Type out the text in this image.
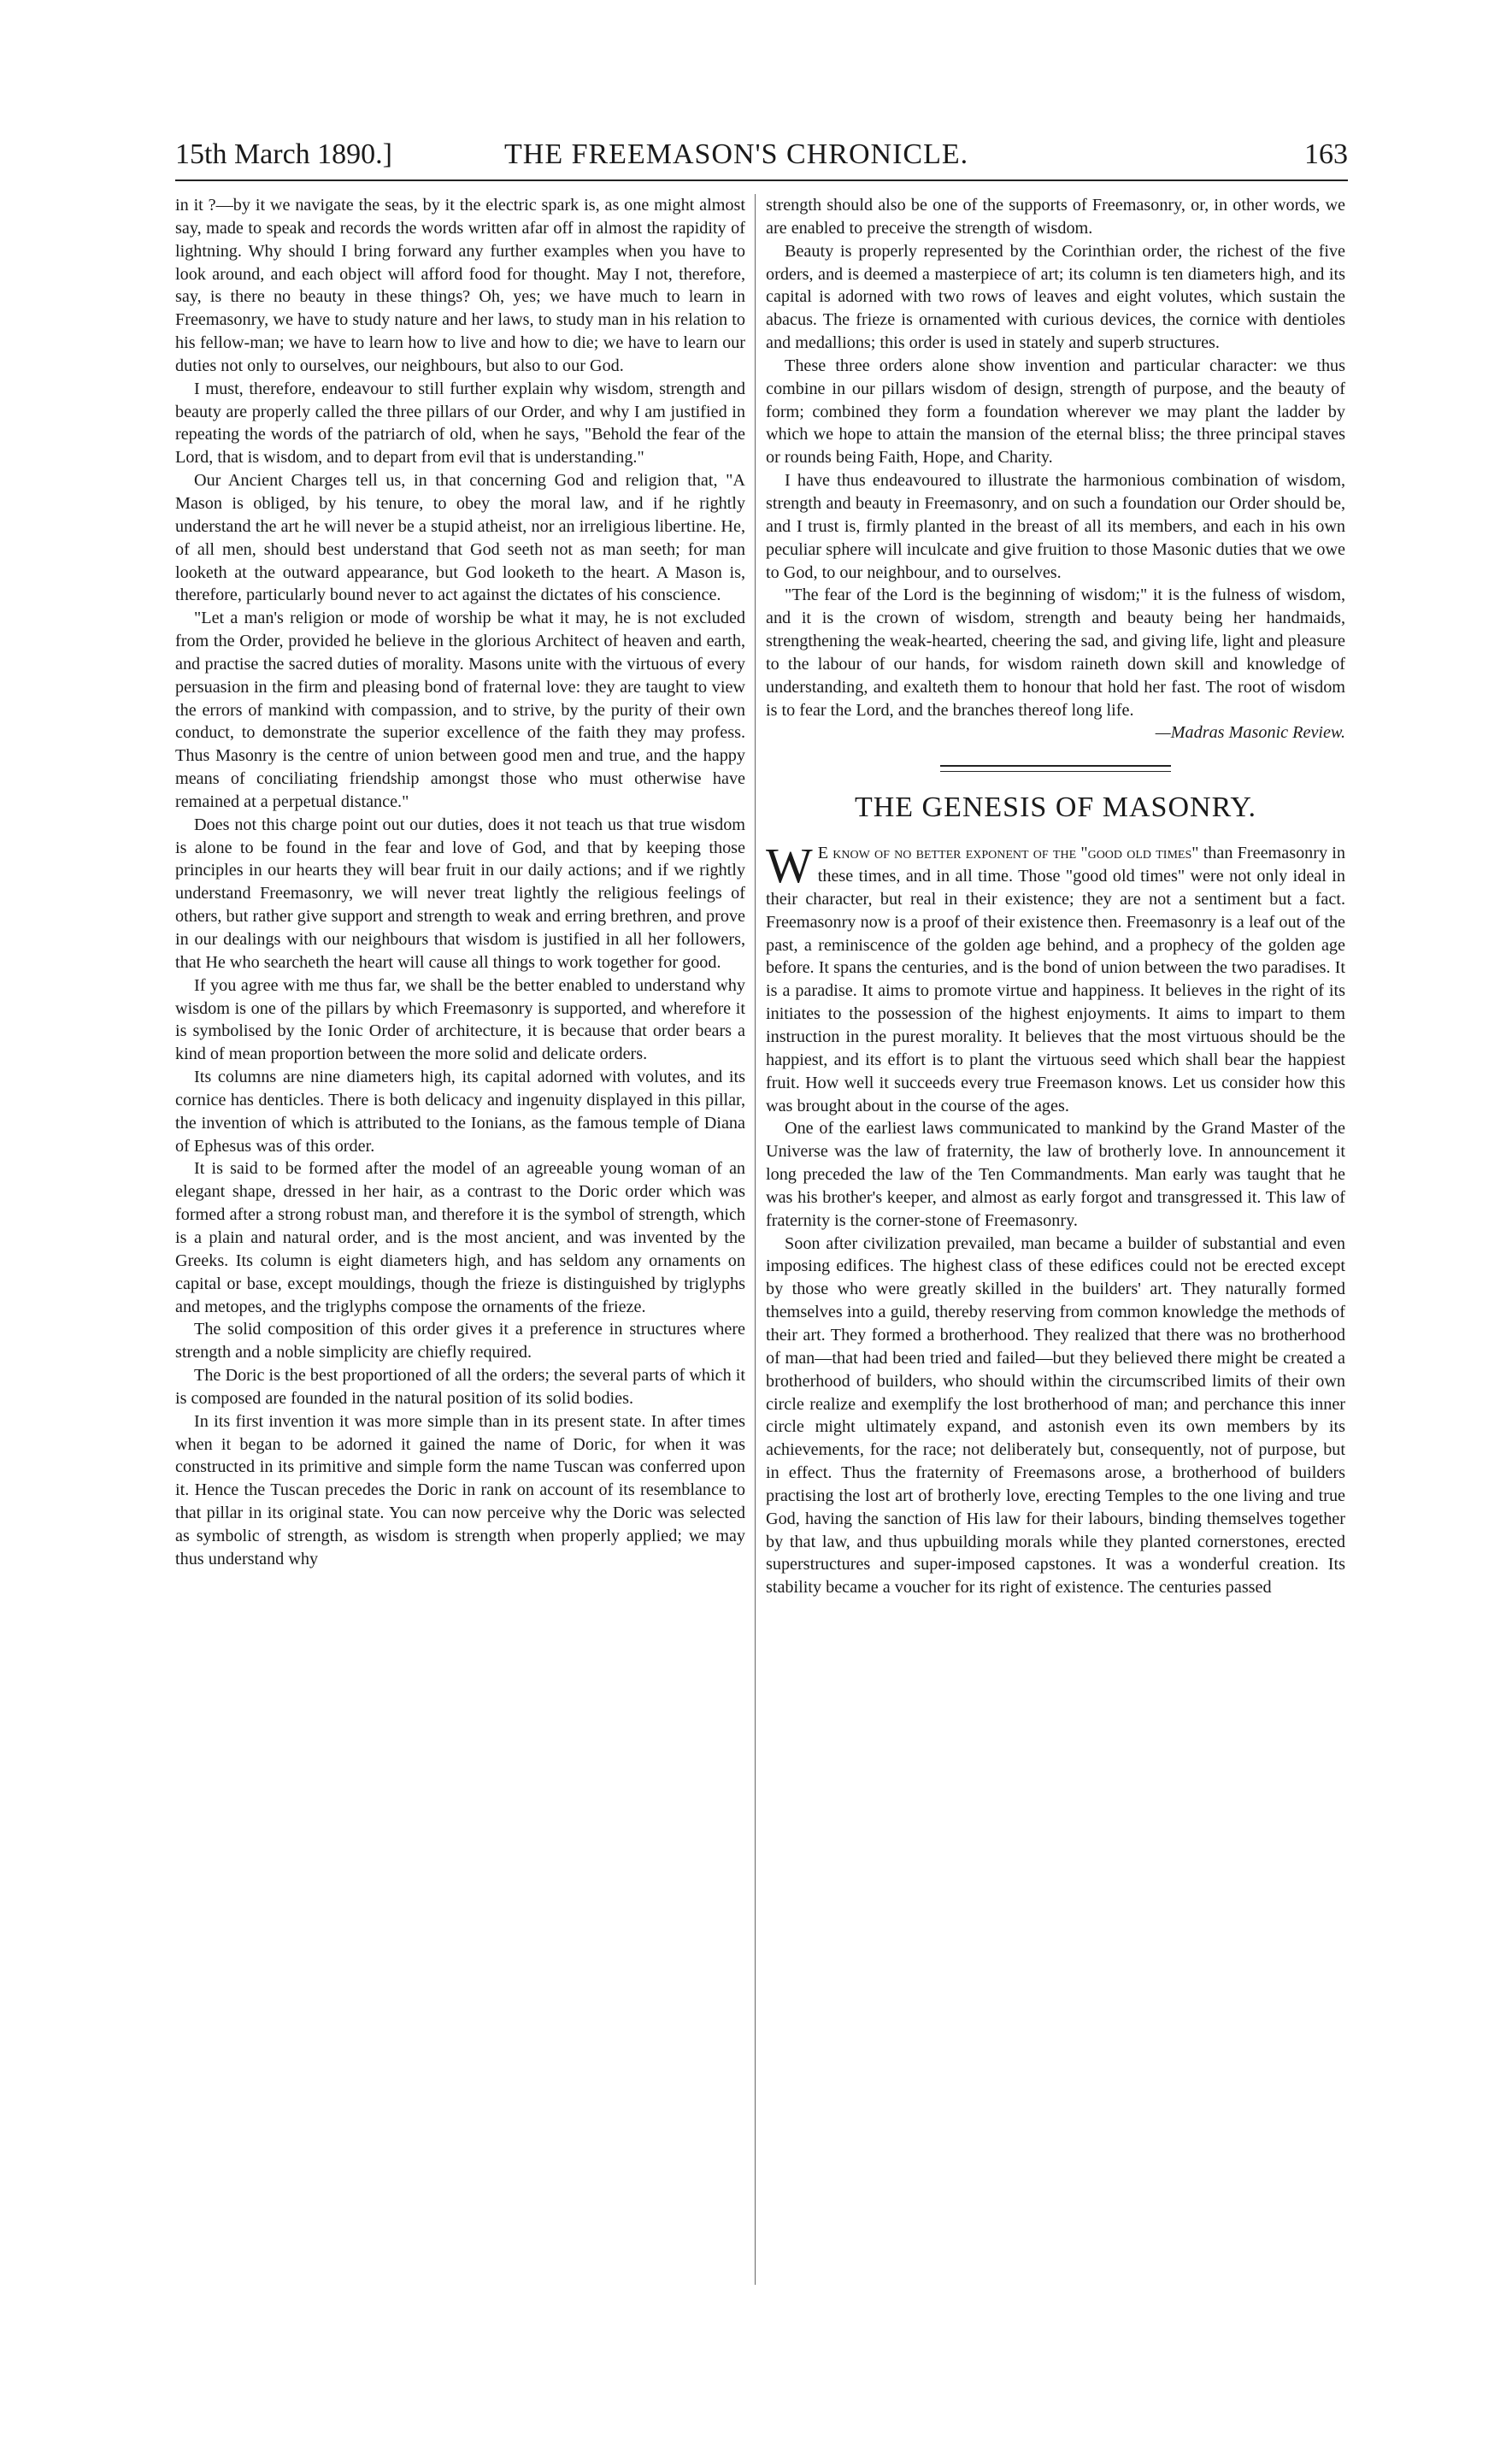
15th March 1890.]	THE FREEMASON'S CHRONICLE.	163

in it ?—by it we navigate the seas, by it the electric spark is, as one might almost say, made to speak and records the words written afar off in almost the rapidity of lightning. Why should I bring forward any further examples when you have to look around, and each object will afford food for thought. May I not, therefore, say, is there no beauty in these things? Oh, yes; we have much to learn in Freemasonry, we have to study nature and her laws, to study man in his relation to his fellow-man; we have to learn how to live and how to die; we have to learn our duties not only to ourselves, our neighbours, but also to our God.

I must, therefore, endeavour to still further explain why wisdom, strength and beauty are properly called the three pillars of our Order, and why I am justified in repeating the words of the patriarch of old, when he says, "Behold the fear of the Lord, that is wisdom, and to depart from evil that is understanding."

Our Ancient Charges tell us, in that concerning God and religion that, "A Mason is obliged, by his tenure, to obey the moral law, and if he rightly understand the art he will never be a stupid atheist, nor an irreligious libertine. He, of all men, should best understand that God seeth not as man seeth; for man looketh at the outward appearance, but God looketh to the heart. A Mason is, therefore, particularly bound never to act against the dictates of his conscience.

"Let a man's religion or mode of worship be what it may, he is not excluded from the Order, provided he believe in the glorious Architect of heaven and earth, and practise the sacred duties of morality. Masons unite with the virtuous of every persuasion in the firm and pleasing bond of fraternal love: they are taught to view the errors of mankind with compassion, and to strive, by the purity of their own conduct, to demonstrate the superior excellence of the faith they may profess. Thus Masonry is the centre of union between good men and true, and the happy means of conciliating friendship amongst those who must otherwise have remained at a perpetual distance."

Does not this charge point out our duties, does it not teach us that true wisdom is alone to be found in the fear and love of God, and that by keeping those principles in our hearts they will bear fruit in our daily actions; and if we rightly understand Freemasonry, we will never treat lightly the religious feelings of others, but rather give support and strength to weak and erring brethren, and prove in our dealings with our neighbours that wisdom is justified in all her followers, that He who searcheth the heart will cause all things to work together for good.

If you agree with me thus far, we shall be the better enabled to understand why wisdom is one of the pillars by which Freemasonry is supported, and wherefore it is symbolised by the Ionic Order of architecture, it is because that order bears a kind of mean proportion between the more solid and delicate orders.

Its columns are nine diameters high, its capital adorned with volutes, and its cornice has denticles. There is both delicacy and ingenuity displayed in this pillar, the invention of which is attributed to the Ionians, as the famous temple of Diana of Ephesus was of this order.

It is said to be formed after the model of an agreeable young woman of an elegant shape, dressed in her hair, as a contrast to the Doric order which was formed after a strong robust man, and therefore it is the symbol of strength, which is a plain and natural order, and is the most ancient, and was invented by the Greeks. Its column is eight diameters high, and has seldom any ornaments on capital or base, except mouldings, though the frieze is distinguished by triglyphs and metopes, and the triglyphs compose the ornaments of the frieze.

The solid composition of this order gives it a preference in structures where strength and a noble simplicity are chiefly required.

The Doric is the best proportioned of all the orders; the several parts of which it is composed are founded in the natural position of its solid bodies.

In its first invention it was more simple than in its present state. In after times when it began to be adorned it gained the name of Doric, for when it was constructed in its primitive and simple form the name Tuscan was conferred upon it. Hence the Tuscan precedes the Doric in rank on account of its resemblance to that pillar in its original state. You can now perceive why the Doric was selected as symbolic of strength, as wisdom is strength when properly applied; we may thus understand why

strength should also be one of the supports of Freemasonry, or, in other words, we are enabled to preceive the strength of wisdom.

Beauty is properly represented by the Corinthian order, the richest of the five orders, and is deemed a masterpiece of art; its column is ten diameters high, and its capital is adorned with two rows of leaves and eight volutes, which sustain the abacus. The frieze is ornamented with curious devices, the cornice with dentioles and medallions; this order is used in stately and superb structures.

These three orders alone show invention and particular character: we thus combine in our pillars wisdom of design, strength of purpose, and the beauty of form; combined they form a foundation wherever we may plant the ladder by which we hope to attain the mansion of the eternal bliss; the three principal staves or rounds being Faith, Hope, and Charity.

I have thus endeavoured to illustrate the harmonious combination of wisdom, strength and beauty in Freemasonry, and on such a foundation our Order should be, and I trust is, firmly planted in the breast of all its members, and each in his own peculiar sphere will inculcate and give fruition to those Masonic duties that we owe to God, to our neighbour, and to ourselves.

"The fear of the Lord is the beginning of wisdom;" it is the fulness of wisdom, and it is the crown of wisdom, strength and beauty being her handmaids, strengthening the weak-hearted, cheering the sad, and giving life, light and pleasure to the labour of our hands, for wisdom raineth down skill and knowledge of understanding, and exalteth them to honour that hold her fast. The root of wisdom is to fear the Lord, and the branches thereof long life.

—Madras Masonic Review.

THE GENESIS OF MASONRY.

W E know of no better exponent of the "good old times" than Freemasonry in these times, and in all time. Those "good old times" were not only ideal in their character, but real in their existence; they are not a sentiment but a fact. Freemasonry now is a proof of their existence then. Freemasonry is a leaf out of the past, a reminiscence of the golden age behind, and a prophecy of the golden age before. It spans the centuries, and is the bond of union between the two paradises. It is a paradise. It aims to promote virtue and happiness. It believes in the right of its initiates to the possession of the highest enjoyments. It aims to impart to them instruction in the purest morality. It believes that the most virtuous should be the happiest, and its effort is to plant the virtuous seed which shall bear the happiest fruit. How well it succeeds every true Freemason knows. Let us consider how this was brought about in the course of the ages.

One of the earliest laws communicated to mankind by the Grand Master of the Universe was the law of fraternity, the law of brotherly love. In announcement it long preceded the law of the Ten Commandments. Man early was taught that he was his brother's keeper, and almost as early forgot and transgressed it. This law of fraternity is the corner-stone of Freemasonry.

Soon after civilization prevailed, man became a builder of substantial and even imposing edifices. The highest class of these edifices could not be erected except by those who were greatly skilled in the builders' art. They naturally formed themselves into a guild, thereby reserving from common knowledge the methods of their art. They formed a brotherhood. They realized that there was no brotherhood of man—that had been tried and failed—but they believed there might be created a brotherhood of builders, who should within the circumscribed limits of their own circle realize and exemplify the lost brotherhood of man; and perchance this inner circle might ultimately expand, and astonish even its own members by its achievements, for the race; not deliberately but, consequently, not of purpose, but in effect. Thus the fraternity of Freemasons arose, a brotherhood of builders practising the lost art of brotherly love, erecting Temples to the one living and true God, having the sanction of His law for their labours, binding themselves together by that law, and thus upbuilding morals while they planted cornerstones, erected superstructures and super-imposed capstones. It was a wonderful creation. Its stability became a voucher for its right of existence. The centuries passed
